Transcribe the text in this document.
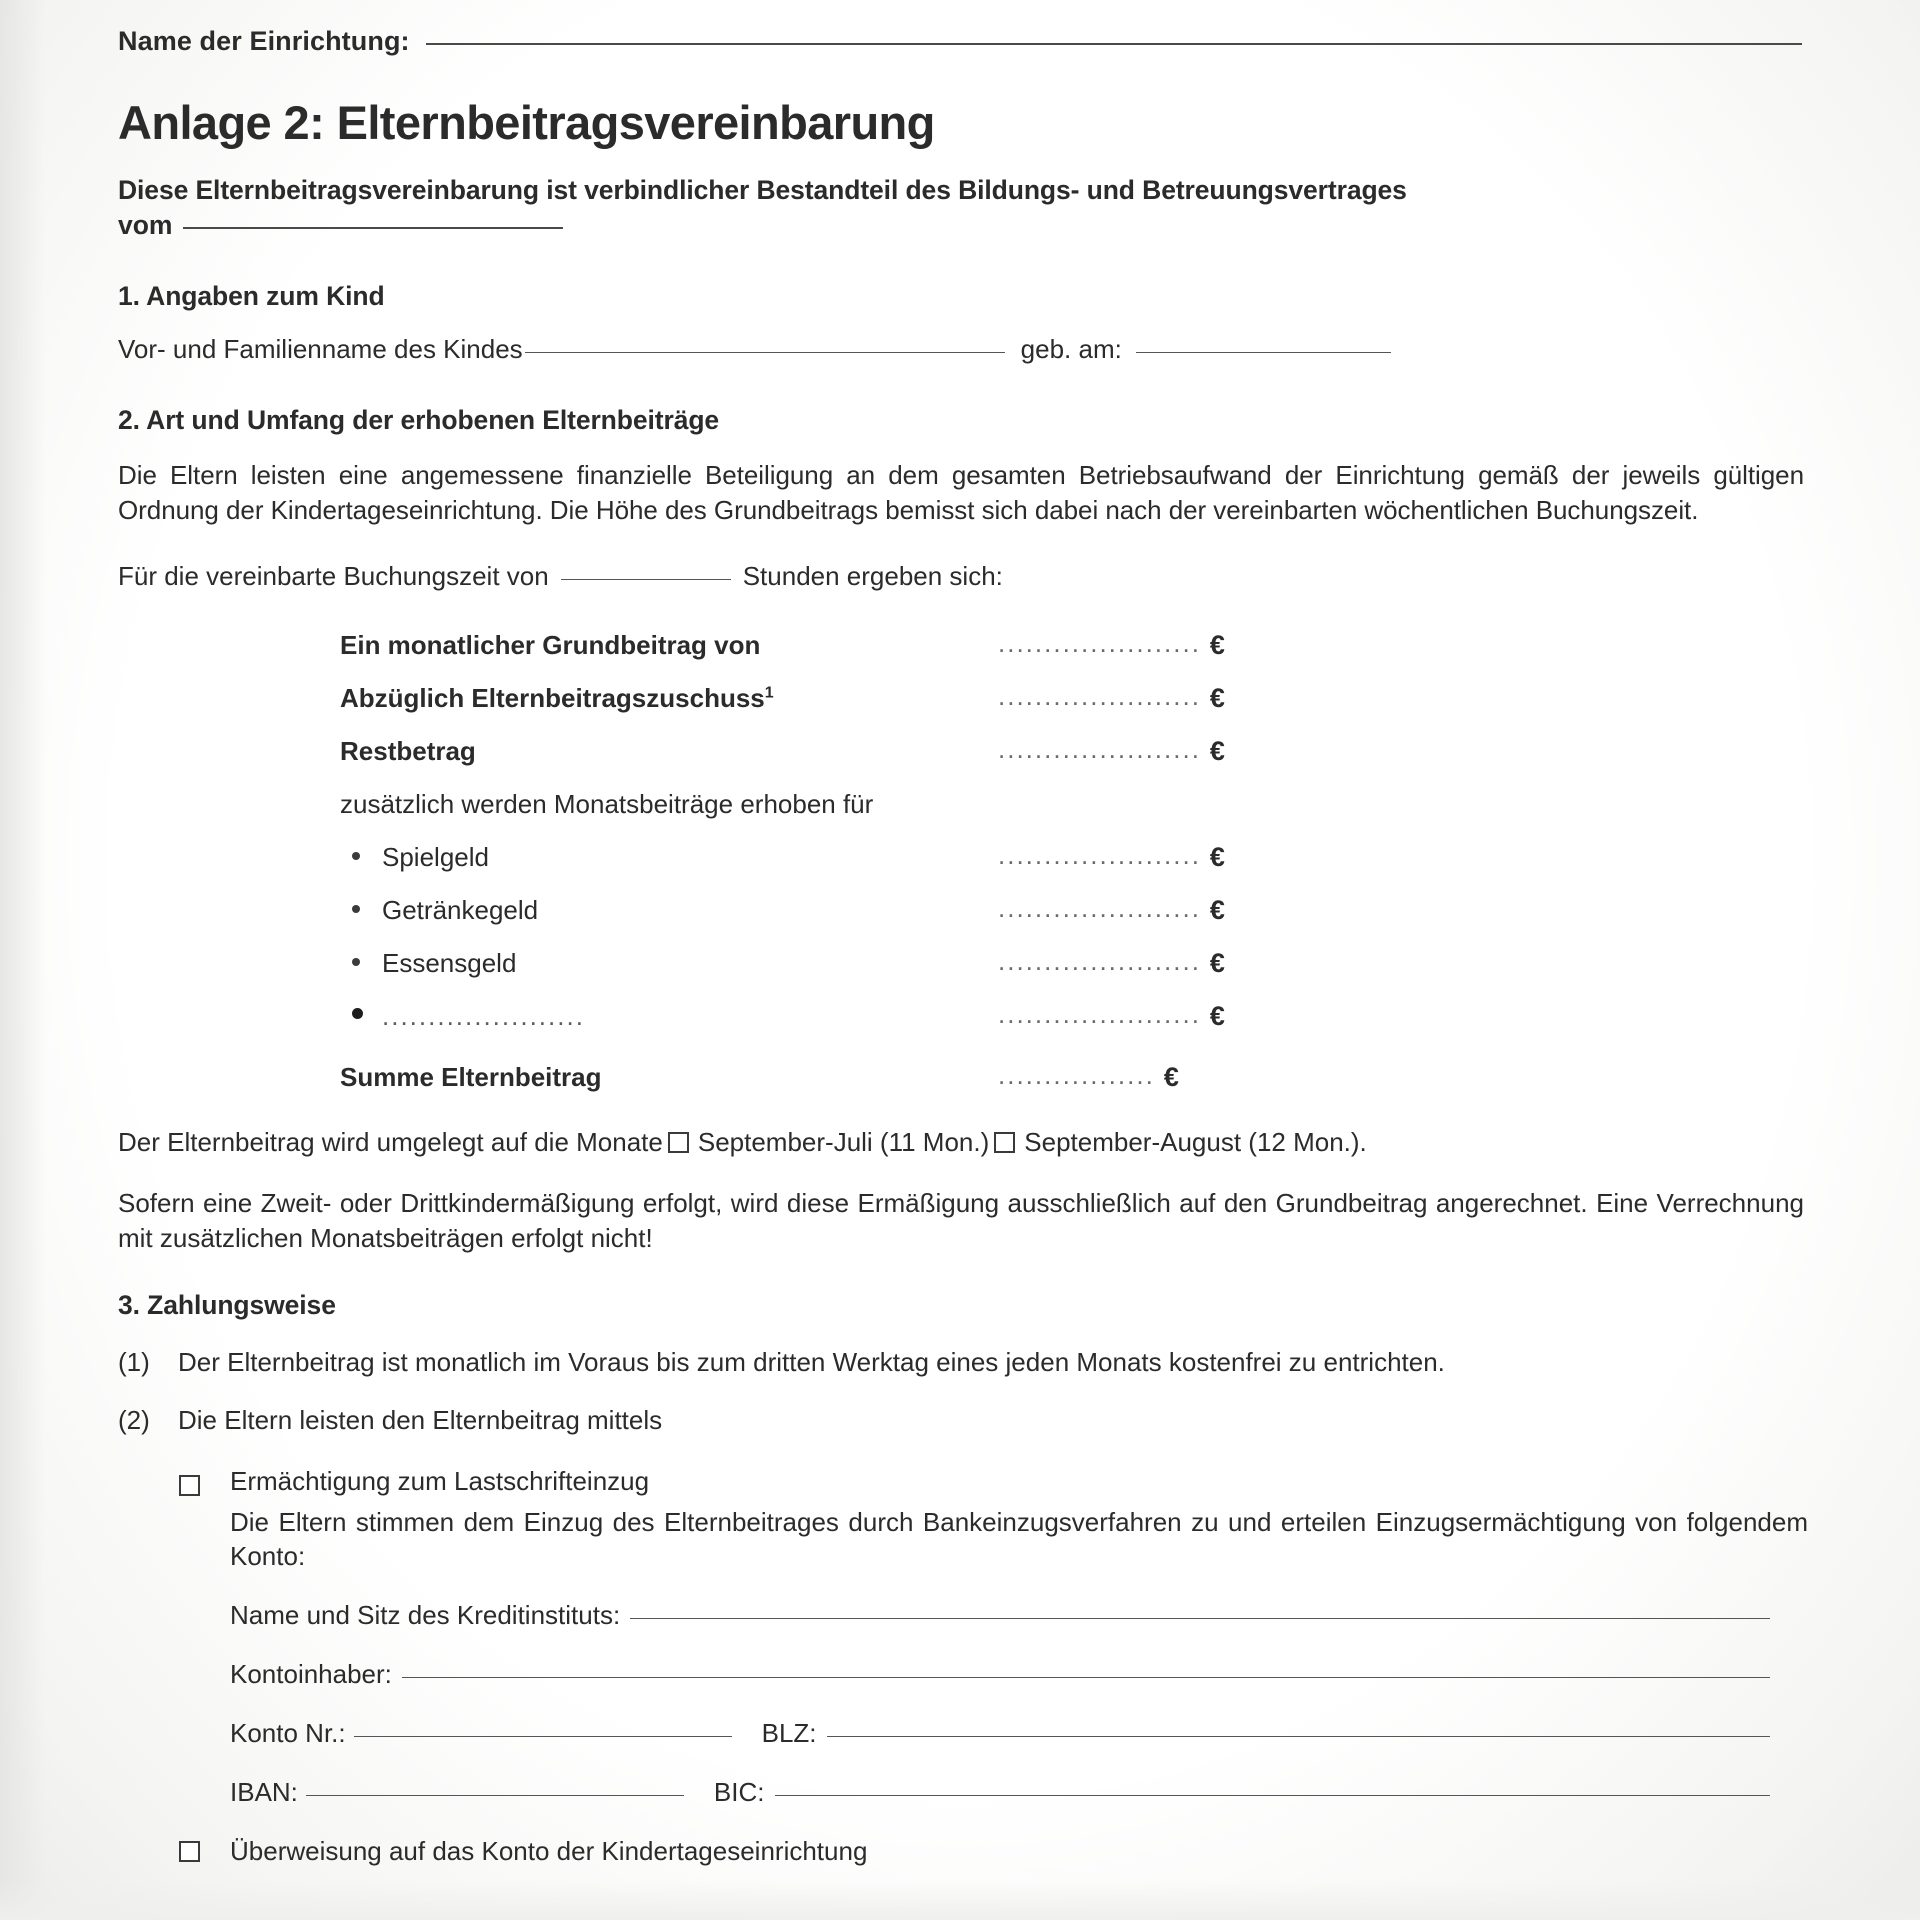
Name der Einrichtung:
Anlage 2: Elternbeitragsvereinbarung

Diese Elternbeitragsvereinbarung ist verbindlicher Bestandteil des Bildungs- und Betreuungsvertrages

vom
1. Angaben zum Kind
Vor- und Familienname des Kindes	geb. am:
2. Art und Umfang der erhobenen Elternbeiträge

Die Eltern leisten eine angemessene finanzielle Beteiligung an dem gesamten Betriebsaufwand der Einrichtung gemäß der jeweils gültigen Ordnung der Kindertageseinrichtung. Die Höhe des Grundbeitrags bemisst sich dabei nach der vereinbarten wöchentlichen Buchungszeit.

Für die vereinbarte Buchungszeit von	Stunden ergeben sich:
Ein monatlicher Grundbeitrag von	...................... €
Abzüglich Elternbeitragszuschuss$^1$	...................... €
Restbetrag	...................... €
zusätzlich werden Monatsbeiträge erhoben für
Spielgeld	...................... €
Getränkegeld	...................... €
Essensgeld	...................... €
......................	...................... €
Summe Elternbeitrag	................. €
Der Elternbeitrag wird umgelegt auf die Monate September-Juli (11 Mon.) September-August (12 Mon.).

Sofern eine Zweit- oder Drittkindermäßigung erfolgt, wird diese Ermäßigung ausschließlich auf den Grundbeitrag angerechnet. Eine Verrechnung mit zusätzlichen Monatsbeiträgen erfolgt nicht!

3. Zahlungsweise
(1)	Der Elternbeitrag ist monatlich im Voraus bis zum dritten Werktag eines jeden Monats kostenfrei zu entrichten.
(2)	Die Eltern leisten den Elternbeitrag mittels
Ermächtigung zum Lastschrifteinzug
Die Eltern stimmen dem Einzug des Elternbeitrages durch Bankeinzugsverfahren zu und erteilen Einzugsermächtigung von folgendem Konto:
Name und Sitz des Kreditinstituts:
Kontoinhaber:
Konto Nr.:	BLZ:
IBAN:	BIC:
Überweisung auf das Konto der Kindertageseinrichtung
